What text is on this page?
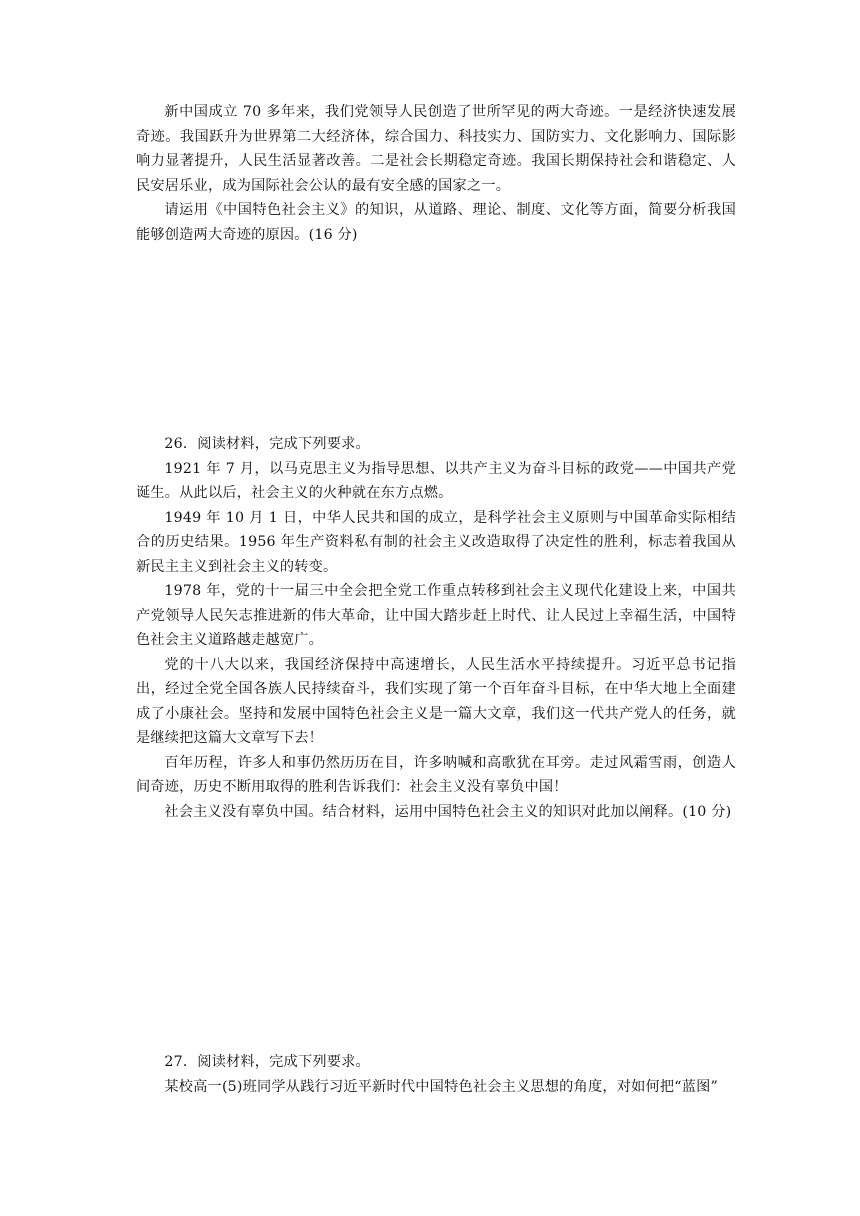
新中国成立 70 多年来，我们党领导人民创造了世所罕见的两大奇迹。一是经济快速发展奇迹。我国跃升为世界第二大经济体，综合国力、科技实力、国防实力、文化影响力、国际影响力显著提升，人民生活显著改善。二是社会长期稳定奇迹。我国长期保持社会和谐稳定、人民安居乐业，成为国际社会公认的最有安全感的国家之一。

请运用《中国特色社会主义》的知识，从道路、理论、制度、文化等方面，简要分析我国能够创造两大奇迹的原因。(16 分)

26．阅读材料，完成下列要求。

1921 年 7 月，以马克思主义为指导思想、以共产主义为奋斗目标的政党——中国共产党诞生。从此以后，社会主义的火种就在东方点燃。

1949 年 10 月 1 日，中华人民共和国的成立，是科学社会主义原则与中国革命实际相结合的历史结果。1956 年生产资料私有制的社会主义改造取得了决定性的胜利，标志着我国从新民主主义到社会主义的转变。

1978 年，党的十一届三中全会把全党工作重点转移到社会主义现代化建设上来，中国共产党领导人民矢志推进新的伟大革命，让中国大踏步赶上时代、让人民过上幸福生活，中国特色社会主义道路越走越宽广。

党的十八大以来，我国经济保持中高速增长，人民生活水平持续提升。习近平总书记指出，经过全党全国各族人民持续奋斗，我们实现了第一个百年奋斗目标，在中华大地上全面建成了小康社会。坚持和发展中国特色社会主义是一篇大文章，我们这一代共产党人的任务，就是继续把这篇大文章写下去！

百年历程，许多人和事仍然历历在目，许多呐喊和高歌犹在耳旁。走过风霜雪雨，创造人间奇迹，历史不断用取得的胜利告诉我们：社会主义没有辜负中国！

社会主义没有辜负中国。结合材料，运用中国特色社会主义的知识对此加以阐释。(10 分)

27．阅读材料，完成下列要求。

某校高一(5)班同学从践行习近平新时代中国特色社会主义思想的角度，对如何把“蓝图”
